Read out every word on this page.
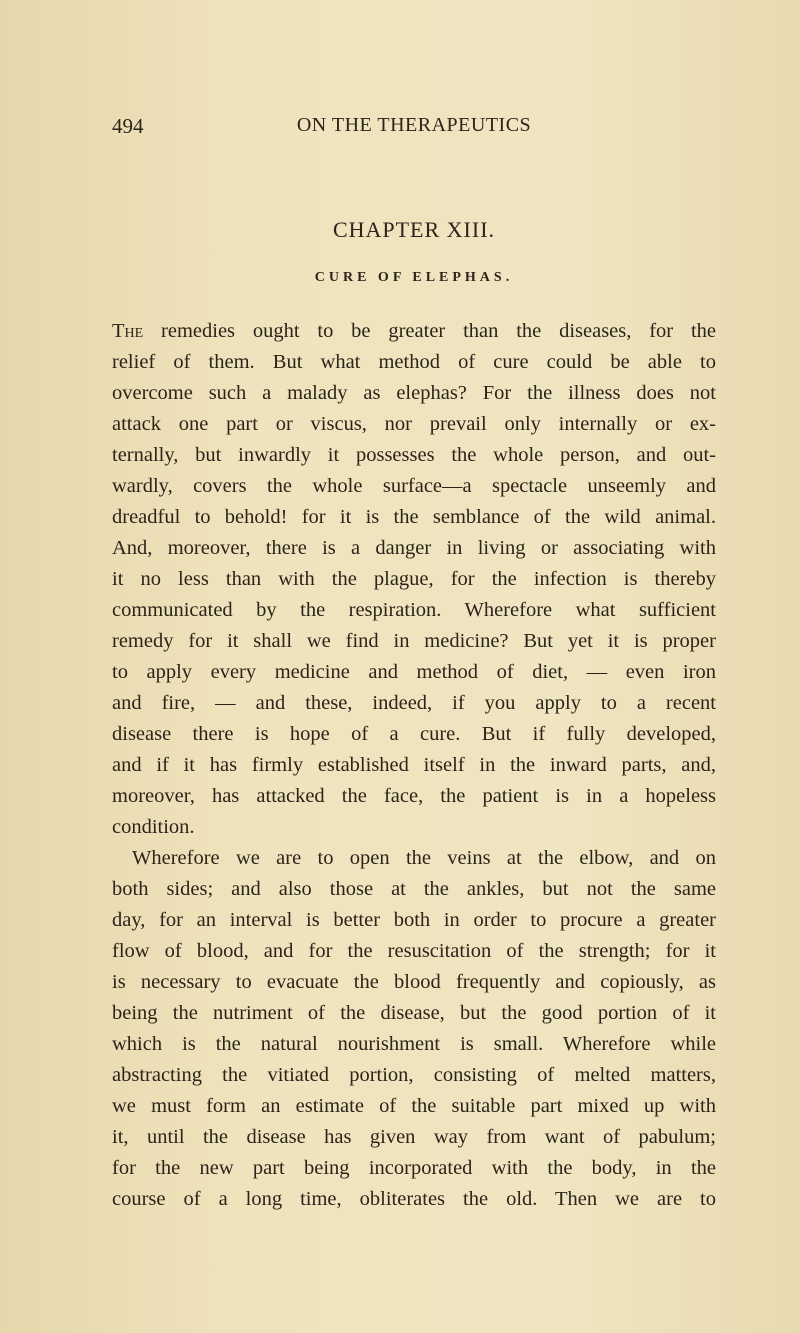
494	ON THE THERAPEUTICS
CHAPTER XIII.
CURE OF ELEPHAS.
The remedies ought to be greater than the diseases, for the
relief of them. But what method of cure could be able to
overcome such a malady as elephas? For the illness does not
attack one part or viscus, nor prevail only internally or ex-
ternally, but inwardly it possesses the whole person, and out-
wardly, covers the whole surface—a spectacle unseemly and
dreadful to behold! for it is the semblance of the wild animal.
And, moreover, there is a danger in living or associating with
it no less than with the plague, for the infection is thereby
communicated by the respiration. Wherefore what sufficient
remedy for it shall we find in medicine? But yet it is proper
to apply every medicine and method of diet, — even iron
and fire, — and these, indeed, if you apply to a recent
disease there is hope of a cure. But if fully developed,
and if it has firmly established itself in the inward parts, and,
moreover, has attacked the face, the patient is in a hopeless
condition.
Wherefore we are to open the veins at the elbow, and on
both sides; and also those at the ankles, but not the same
day, for an interval is better both in order to procure a greater
flow of blood, and for the resuscitation of the strength; for it
is necessary to evacuate the blood frequently and copiously, as
being the nutriment of the disease, but the good portion of it
which is the natural nourishment is small. Wherefore while
abstracting the vitiated portion, consisting of melted matters,
we must form an estimate of the suitable part mixed up with
it, until the disease has given way from want of pabulum;
for the new part being incorporated with the body, in the
course of a long time, obliterates the old. Then we are to
